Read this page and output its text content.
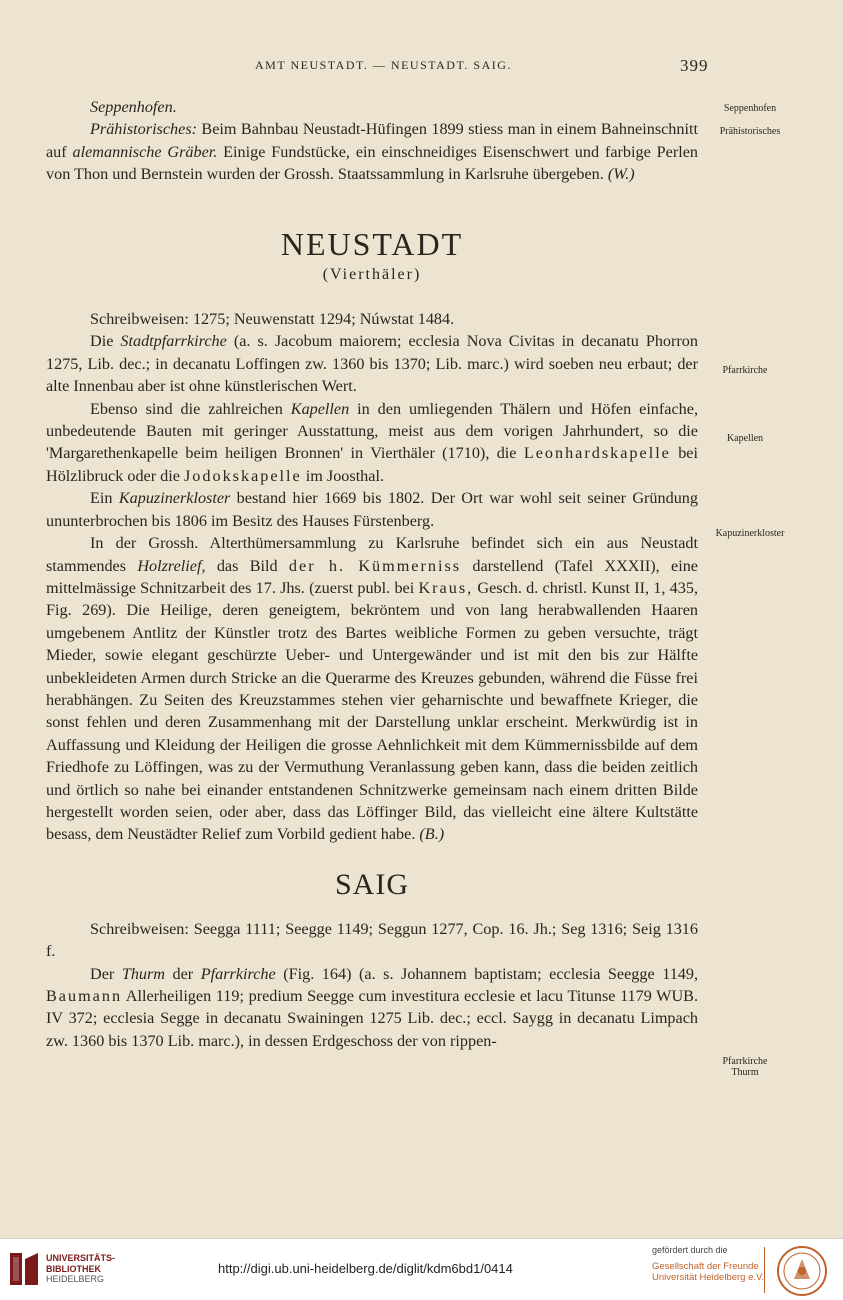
AMT NEUSTADT. — NEUSTADT. SAIG.	399
Seppenhofen
Prähistorisches
Pfarrkirche
Kapellen
Kapuzinerkloster
Pfarrkirche
Thurm

Seppenhofen.

Prähistorisches: Beim Bahnbau Neustadt-Hüfingen 1899 stiess man in einem Bahneinschnitt auf alemannische Gräber. Einige Fundstücke, ein einschneidiges Eisenschwert und farbige Perlen von Thon und Bernstein wurden der Grossh. Staatssammlung in Karlsruhe übergeben. (W.)

NEUSTADT
(Vierthäler)

Schreibweisen: 1275; Neuwenstatt 1294; Núwstat 1484.

Die Stadtpfarrkirche (a. s. Jacobum maiorem; ecclesia Nova Civitas in decanatu Phorron 1275, Lib. dec.; in decanatu Loffingen zw. 1360 bis 1370; Lib. marc.) wird soeben neu erbaut; der alte Innenbau aber ist ohne künstlerischen Wert.

Ebenso sind die zahlreichen Kapellen in den umliegenden Thälern und Höfen einfache, unbedeutende Bauten mit geringer Ausstattung, meist aus dem vorigen Jahrhundert, so die 'Margarethenkapelle beim heiligen Bronnen' in Vierthäler (1710), die Leonhardskapelle bei Hölzlibruck oder die Jodokskapelle im Joosthal.

Ein Kapuzinerkloster bestand hier 1669 bis 1802. Der Ort war wohl seit seiner Gründung ununterbrochen bis 1806 im Besitz des Hauses Fürstenberg.

In der Grossh. Alterthümersammlung zu Karlsruhe befindet sich ein aus Neustadt stammendes Holzrelief, das Bild der h. Kümmerniss darstellend (Tafel XXXII), eine mittelmässige Schnitzarbeit des 17. Jhs. (zuerst publ. bei Kraus, Gesch. d. christl. Kunst II, 1, 435, Fig. 269). Die Heilige, deren geneigtem, bekröntem und von lang herabwallenden Haaren umgebenem Antlitz der Künstler trotz des Bartes weibliche Formen zu geben versuchte, trägt Mieder, sowie elegant geschürzte Ueber- und Untergewänder und ist mit den bis zur Hälfte unbekleideten Armen durch Stricke an die Querarme des Kreuzes gebunden, während die Füsse frei herabhängen. Zu Seiten des Kreuzstammes stehen vier geharnischte und bewaffnete Krieger, die sonst fehlen und deren Zusammenhang mit der Darstellung unklar erscheint. Merkwürdig ist in Auffassung und Kleidung der Heiligen die grosse Aehnlichkeit mit dem Kümmernissbilde auf dem Friedhofe zu Löffingen, was zu der Vermuthung Veranlassung geben kann, dass die beiden zeitlich und örtlich so nahe bei einander entstandenen Schnitzwerke gemeinsam nach einem dritten Bilde hergestellt worden seien, oder aber, dass das Löffinger Bild, das vielleicht eine ältere Kultstätte besass, dem Neustädter Relief zum Vorbild gedient habe. (B.)

SAIG

Schreibweisen: Seegga 1111; Seegge 1149; Seggun 1277, Cop. 16. Jh.; Seg 1316; Seig 1316 f.

Der Thurm der Pfarrkirche (Fig. 164) (a. s. Johannem baptistam; ecclesia Seegge 1149, Baumann Allerheiligen 119; predium Seegge cum investitura ecclesie et lacu Titunse 1179 WUB. IV 372; ecclesia Segge in decanatu Swainingen 1275 Lib. dec.; eccl. Saygg in decanatu Limpach zw. 1360 bis 1370 Lib. marc.), in dessen Erdgeschoss der von rippen-

UNIVERSITÄTS-
BIBLIOTHEK
HEIDELBERG
http://digi.ub.uni-heidelberg.de/diglit/kdm6bd1/0414
gefördert durch die
Gesellschaft der Freunde
Universität Heidelberg e.V.
